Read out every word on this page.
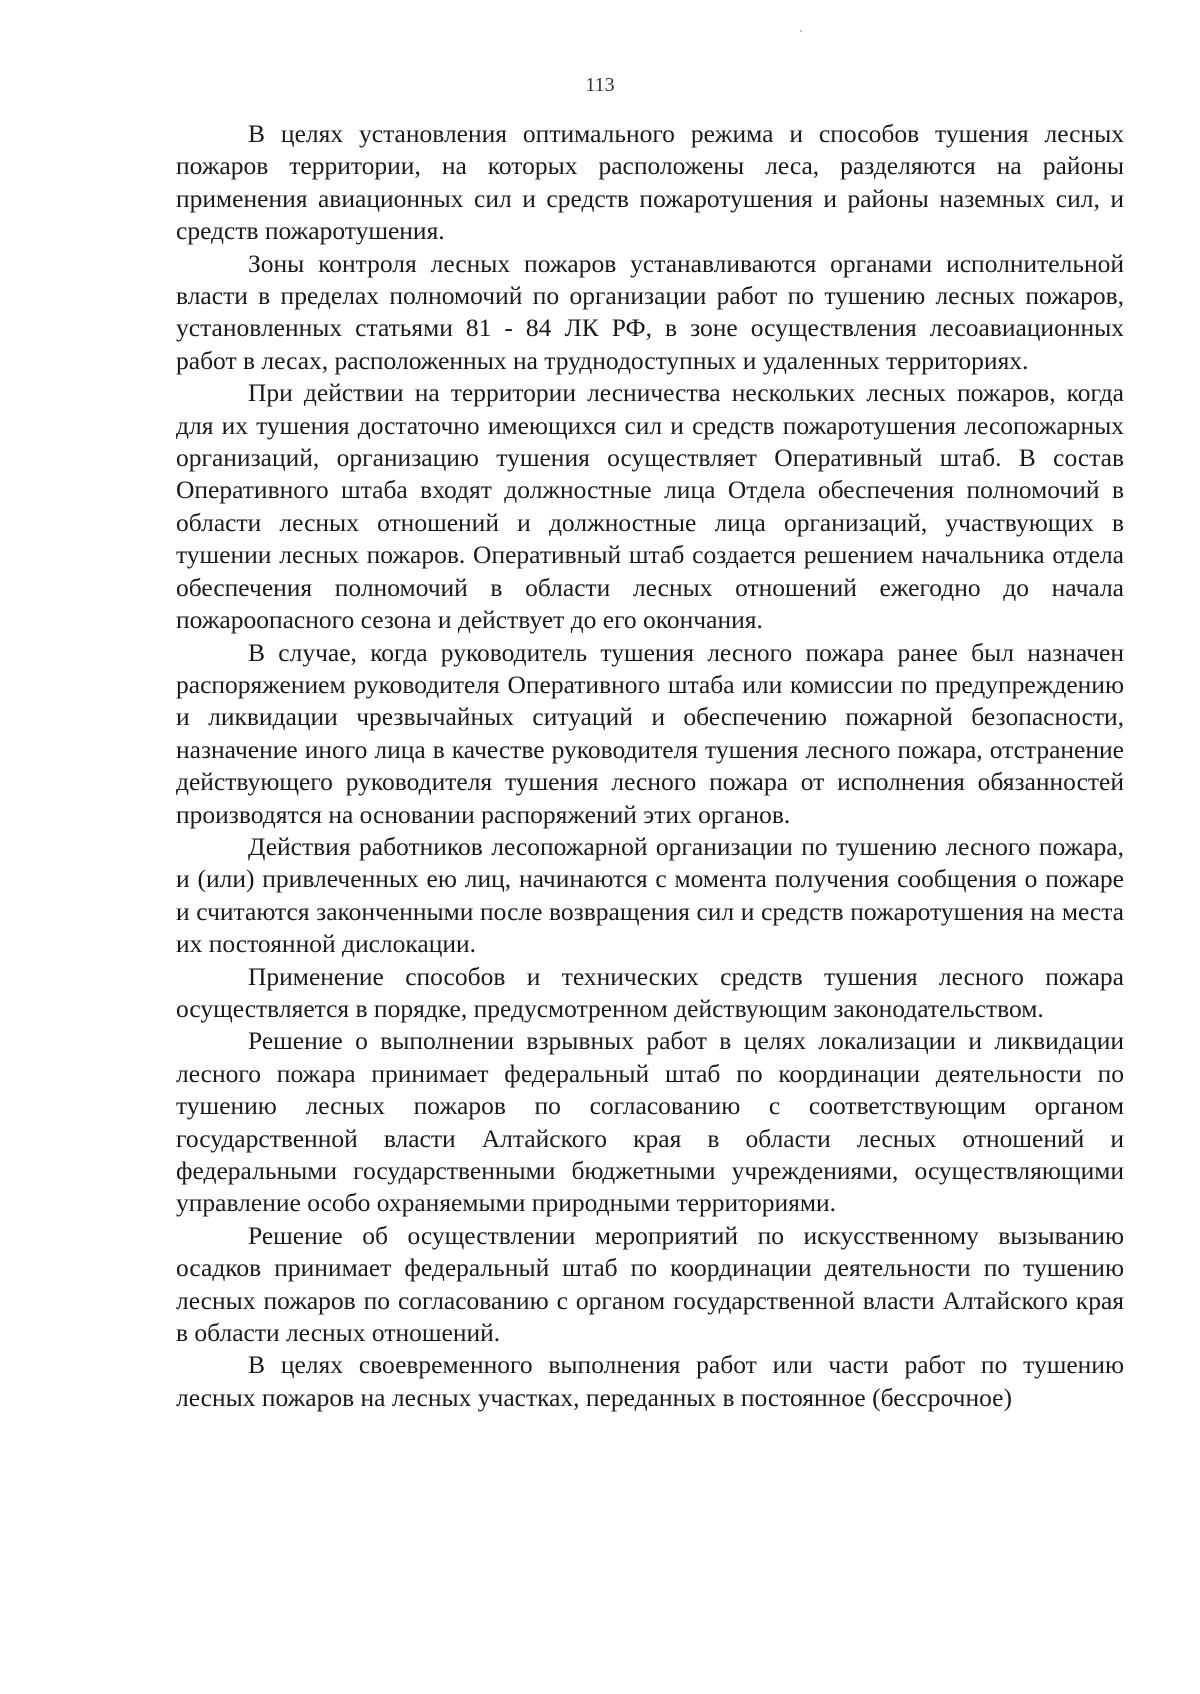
113

В целях установления оптимального режима и способов тушения лесных пожаров территории, на которых расположены леса, разделяются на районы применения авиационных сил и средств пожаротушения и районы наземных сил, и средств пожаротушения.

Зоны контроля лесных пожаров устанавливаются органами исполнительной власти в пределах полномочий по организации работ по тушению лесных пожаров, установленных статьями 81 - 84 ЛК РФ, в зоне осуществления лесоавиационных работ в лесах, расположенных на труднодоступных и удаленных территориях.

При действии на территории лесничества нескольких лесных пожаров, когда для их тушения достаточно имеющихся сил и средств пожаротушения лесопожарных организаций, организацию тушения осуществляет Оперативный штаб. В состав Оперативного штаба входят должностные лица Отдела обеспечения полномочий в области лесных отношений и должностные лица организаций, участвующих в тушении лесных пожаров. Оперативный штаб создается решением начальника отдела обеспечения полномочий в области лесных отношений ежегодно до начала пожароопасного сезона и действует до его окончания.

В случае, когда руководитель тушения лесного пожара ранее был назначен распоряжением руководителя Оперативного штаба или комиссии по предупреждению и ликвидации чрезвычайных ситуаций и обеспечению пожарной безопасности, назначение иного лица в качестве руководителя тушения лесного пожара, отстранение действующего руководителя тушения лесного пожара от исполнения обязанностей производятся на основании распоряжений этих органов.

Действия работников лесопожарной организации по тушению лесного пожара, и (или) привлеченных ею лиц, начинаются с момента получения сообщения о пожаре и считаются законченными после возвращения сил и средств пожаротушения на места их постоянной дислокации.

Применение способов и технических средств тушения лесного пожара осуществляется в порядке, предусмотренном действующим законодательством.

Решение о выполнении взрывных работ в целях локализации и ликвидации лесного пожара принимает федеральный штаб по координации деятельности по тушению лесных пожаров по согласованию с соответствующим органом государственной власти Алтайского края в области лесных отношений и федеральными государственными бюджетными учреждениями, осуществляющими управление особо охраняемыми природными территориями.

Решение об осуществлении мероприятий по искусственному вызыванию осадков принимает федеральный штаб по координации деятельности по тушению лесных пожаров по согласованию с органом государственной власти Алтайского края в области лесных отношений.

В целях своевременного выполнения работ или части работ по тушению лесных пожаров на лесных участках, переданных в постоянное (бессрочное)
